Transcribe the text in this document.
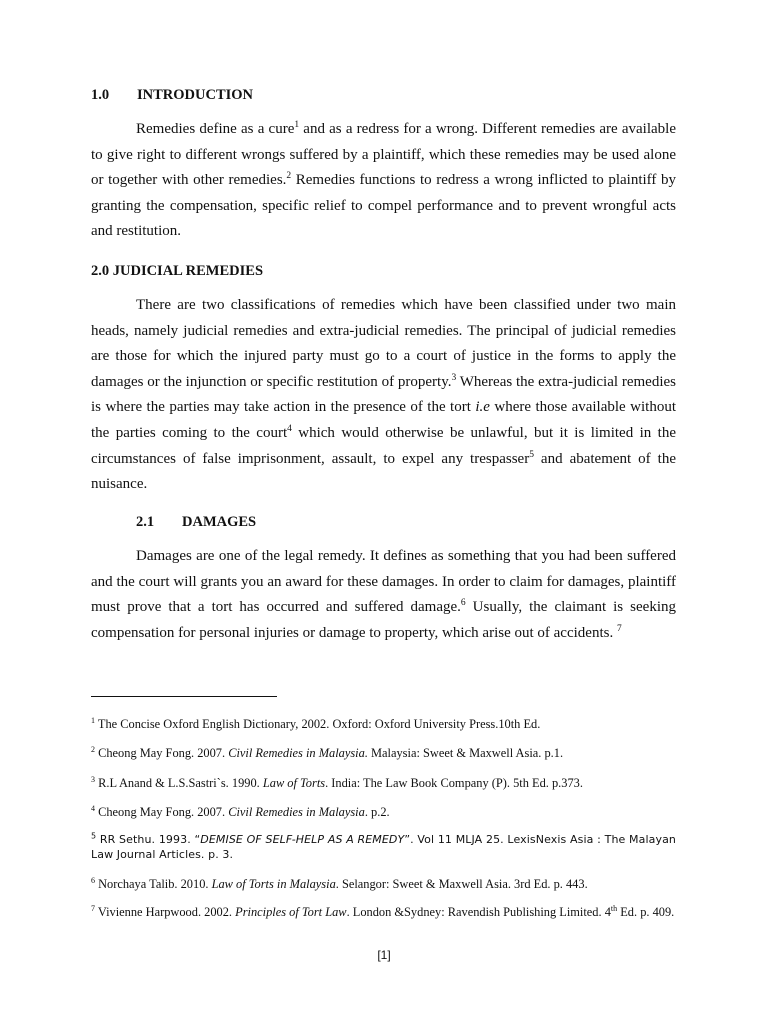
1.0 INTRODUCTION

Remedies define as a cure$^1$ and as a redress for a wrong. Different remedies are available to give right to different wrongs suffered by a plaintiff, which these remedies may be used alone or together with other remedies.$^2$ Remedies functions to redress a wrong inflicted to plaintiff by granting the compensation, specific relief to compel performance and to prevent wrongful acts and restitution.

2.0 JUDICIAL REMEDIES

There are two classifications of remedies which have been classified under two main heads, namely judicial remedies and extra-judicial remedies. The principal of judicial remedies are those for which the injured party must go to a court of justice in the forms to apply the damages or the injunction or specific restitution of property.$^3$ Whereas the extra-judicial remedies is where the parties may take action in the presence of the tort i.e where those available without the parties coming to the court$^4$ which would otherwise be unlawful, but it is limited in the circumstances of false imprisonment, assault, to expel any trespasser$^5$ and abatement of the nuisance.

2.1 DAMAGES

Damages are one of the legal remedy. It defines as something that you had been suffered and the court will grants you an award for these damages. In order to claim for damages, plaintiff must prove that a tort has occurred and suffered damage.$^6$ Usually, the claimant is seeking compensation for personal injuries or damage to property, which arise out of accidents. $^7$

$^1$ The Concise Oxford English Dictionary, 2002. Oxford: Oxford University Press.10th Ed.

$^2$ Cheong May Fong. 2007. Civil Remedies in Malaysia. Malaysia: Sweet & Maxwell Asia. p.1.

$^3$ R.L Anand & L.S.Sastri`s. 1990. Law of Torts. India: The Law Book Company (P). 5th Ed. p.373.

$^4$ Cheong May Fong. 2007. Civil Remedies in Malaysia. p.2.

$^5$ RR Sethu. 1993. “DEMISE OF SELF-HELP AS A REMEDY”. Vol 11 MLJA 25. LexisNexis Asia : The Malayan Law Journal Articles. p. 3.

$^6$ Norchaya Talib. 2010. Law of Torts in Malaysia. Selangor: Sweet & Maxwell Asia. 3rd Ed. p. 443.

$^7$ Vivienne Harpwood. 2002. Principles of Tort Law. London &Sydney: Ravendish Publishing Limited. 4th Ed. p. 409.

[1]
